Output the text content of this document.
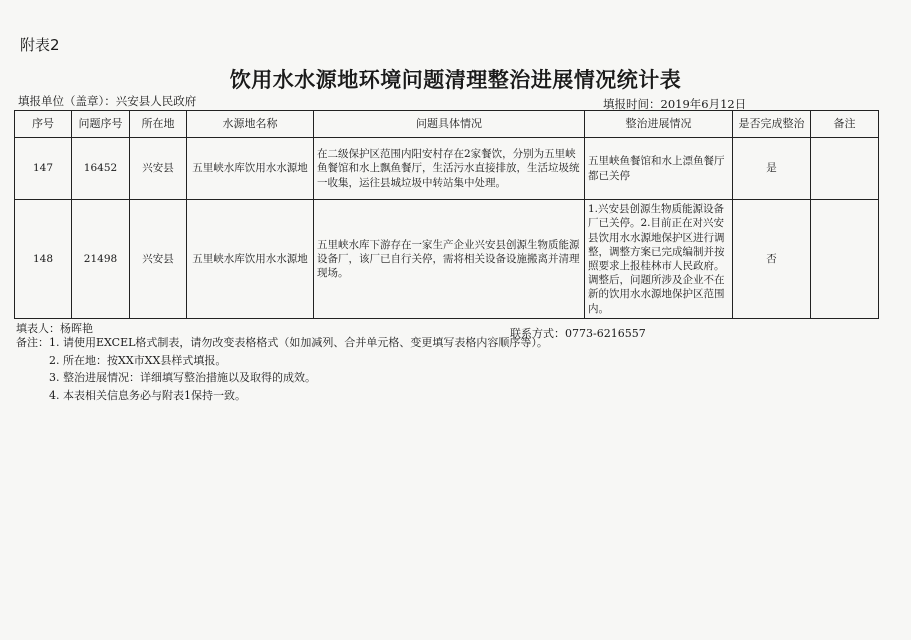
附表2
饮用水水源地环境问题清理整治进展情况统计表
填报单位（盖章）：兴安县人民政府	填报时间：2019年6月12日
序号	问题序号	所在地	水源地名称	问题具体情况	整治进展情况	是否完成整治	备注
147	16452	兴安县	五里峡水库饮用水水源地	在二级保护区范围内阳安村存在2家餐饮，分别为五里峡鱼餐馆和水上飘鱼餐厅，生活污水直接排放，生活垃圾统一收集，运往县城垃圾中转站集中处理。	五里峡鱼餐馆和水上漂鱼餐厅都已关停	是	
148	21498	兴安县	五里峡水库饮用水水源地	五里峡水库下游存在一家生产企业兴安县创源生物质能源设备厂，该厂已自行关停，需将相关设备设施搬离并清理现场。	1.兴安县创源生物质能源设备厂已关停。2.目前正在对兴安县饮用水水源地保护区进行调整，调整方案已完成编制并按照要求上报桂林市人民政府。调整后，问题所涉及企业不在新的饮用水水源地保护区范围内。	否	
填表人：杨晖艳	联系方式：0773-6216557
备注：1. 请使用EXCEL格式制表，请勿改变表格格式（如加减列、合并单元格、变更填写表格内容顺序等）。
2. 所在地：按XX市XX县样式填报。
3. 整治进展情况：详细填写整治措施以及取得的成效。
4. 本表相关信息务必与附表1保持一致。
